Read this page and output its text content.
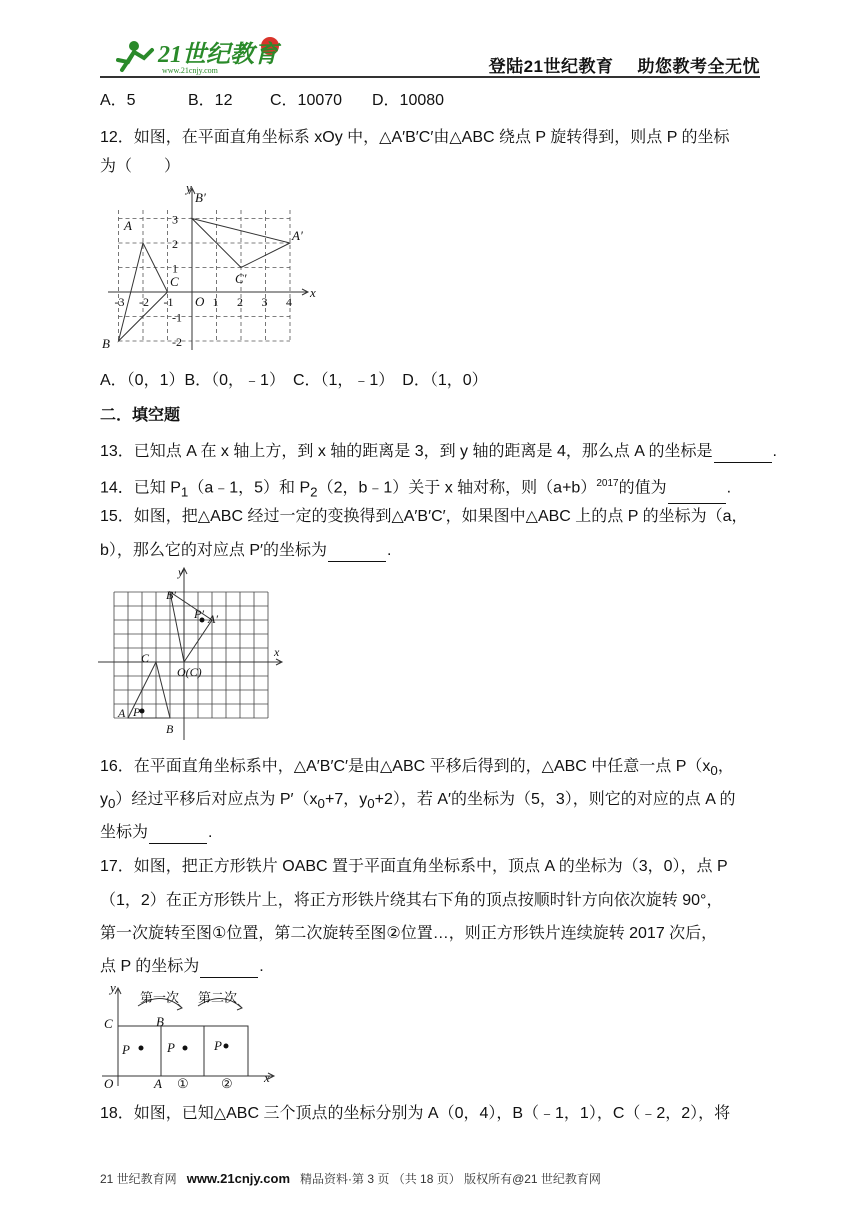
21世纪教育
www.21cnjy.com	登陆21世纪教育 助您教考全无忧
A．5	B．12 C．10070 D．10080
12．如图，在平面直角坐标系 xOy 中，△A′B′C′由△ABC 绕点 P 旋转得到，则点 P 的坐标
为（　　）
y
x
A
B
C
A′
B′
C′
O
-3 -2 -1	1 2 3 4
3
2
1
-1
-2
A．（0，1）B．（0，﹣1）　C．（1，﹣1）　D．（1，0）
二．填空题
13．已知点 A 在 x 轴上方，到 x 轴的距离是 3，到 y 轴的距离是 4，那么点 A 的坐标是	.
14．已知 $P_1(a﹣1$，5）和 $P_2(2$，b﹣1）关于 x 轴对称，则$(a+b)^{2017}$的值为	.
15．如图，把△ABC 经过一定的变换得到△A′B′C′，如果图中△ABC 上的点 P 的坐标为（a，
b），那么它的对应点 P′的坐标为	.
y
x
A P
B
C
B′
P′ A′
O(C)
16．在平面直角坐标系中，△A′B′C′是由△ABC 平移后得到的，△ABC 中任意一点 $P(x_0$，
$y_0$）经过平移后对应点为 $P'(x_0+7$，$y_0+2$），若 A′的坐标为（5，3），则它的对应的点 A 的
坐标为	.
17．如图，把正方形铁片 OABC 置于平面直角坐标系中，顶点 A 的坐标为（3，0），点 P
（1，2）在正方形铁片上，将正方形铁片绕其右下角的顶点按顺时针方向依次旋转 90°，
第一次旋转至图①位置，第二次旋转至图②位置…，则正方形铁片连续旋转 2017 次后，
点 P 的坐标为	.
y
x
第一次 第二次
C	B
O	A
P	P	P
① ②
18．如图，已知△ABC 三个顶点的坐标分别为 A（0，4），B（﹣1，1），C（﹣2，2），将
21 世纪教育网 www.21cnjy.com 精品资料·第 3 页 （共 18 页） 版权所有@21 世纪教育网
